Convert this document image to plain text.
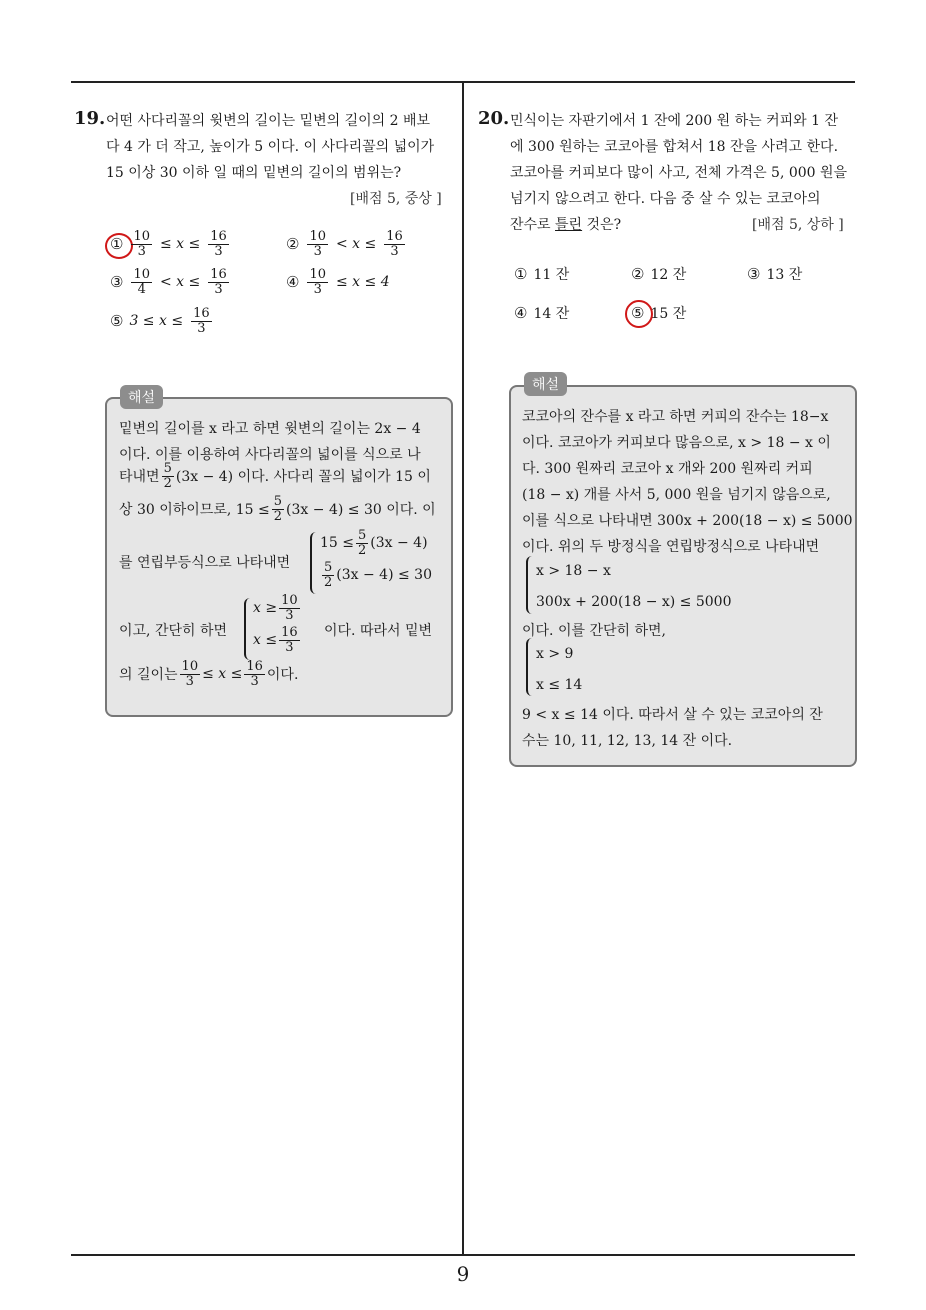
19. 어떤 사다리꼴의 윗변의 길이는 밑변의 길이의 2 배보
다 4 가 더 작고, 높이가 5 이다. 이 사다리꼴의 넓이가
15 이상 30 이하 일 때의 밑변의 길이의 범위는?
[배점 5, 중상 ]
① $\frac{10}{3} \le x \le \frac{16}{3}$	② $\frac{10}{3} < x \le \frac{16}{3}$
③ $\frac{10}{4} < x \le \frac{16}{3}$	④ $\frac{10}{3} \le x \le 4$
⑤ $3 \le x \le \frac{16}{3}$
해설
밑변의 길이를 x 라고 하면 윗변의 길이는 2x − 4
이다. 이를 이용하여 사다리꼴의 넓이를 식으로 나
타내면 $\frac{5}{2} (3x - 4)$ 이다. 사다리 꼴의 넓이가 15 이
상 30 이하이므로, $15 \le \frac{5}{2} (3x - 4) \le 30$ 이다. 이
를 연립부등식으로 나타내면
$15 \le \frac{5}{2} (3x - 4)$
$\frac{5}{2} (3x - 4) \le 30$
이고, 간단히 하면
$x \ge \frac{10}{3}$
$x \le \frac{16}{3}$ 이다. 따라서 밑변
의 길이는 $\frac{10}{3} \le x \le \frac{16}{3}$ 이다.
20. 민식이는 자판기에서 1 잔에 200 원 하는 커피와 1 잔
에 300 원하는 코코아를 합쳐서 18 잔을 사려고 한다.
코코아를 커피보다 많이 사고, 전체 가격은 5, 000 원을
넘기지 않으려고 한다. 다음 중 살 수 있는 코코아의
잔수로 틀린 것은?	[배점 5, 상하 ]
① 11 잔	② 12 잔	③ 13 잔
④ 14 잔	⑤ 15 잔
해설
코코아의 잔수를 x 라고 하면 커피의 잔수는 18−x
이다. 코코아가 커피보다 많음으로, x > 18 − x 이
다. 300 원짜리 코코아 x 개와 200 원짜리 커피
(18 − x) 개를 사서 5, 000 원을 넘기지 않음으로,
이를 식으로 나타내면 300x + 200(18 − x) ≤ 5000
이다. 위의 두 방정식을 연립방정식으로 나타내면
x > 18 − x
300x + 200(18 − x) ≤ 5000
이다. 이를 간단히 하면,
x > 9
x ≤ 14
9 < x ≤ 14 이다. 따라서 살 수 있는 코코아의 잔
수는 10, 11, 12, 13, 14 잔 이다.
9
